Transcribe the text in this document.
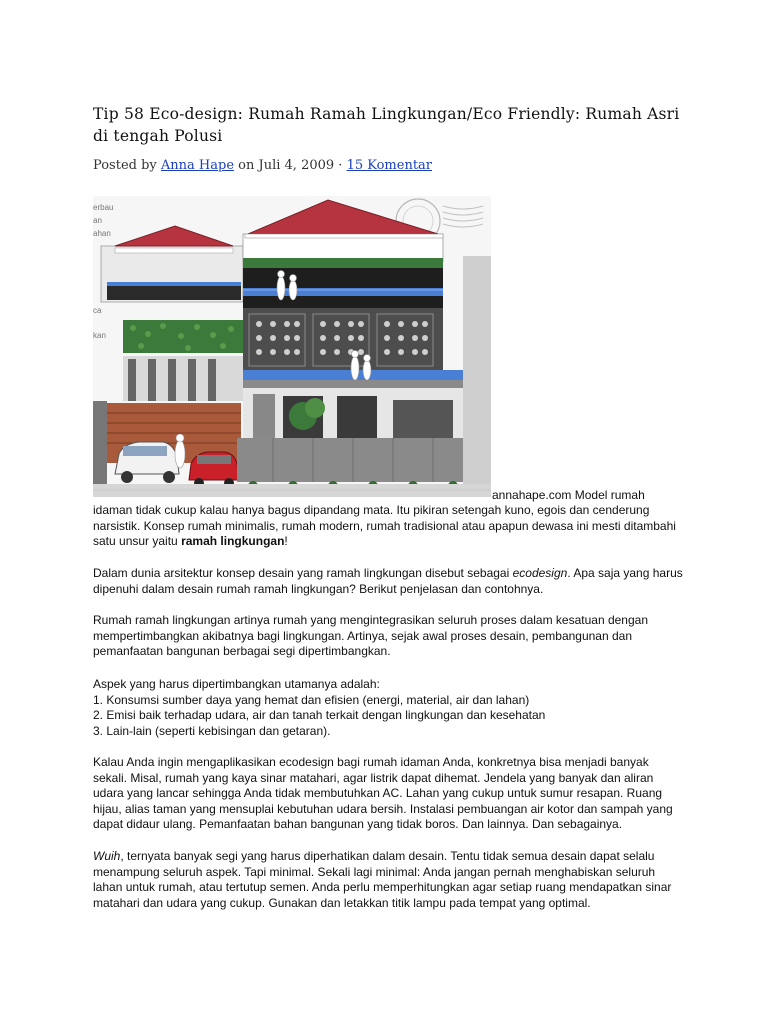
Tip 58 Eco-design: Rumah Ramah Lingkungan/Eco Friendly: Rumah Asri di tengah Polusi
Posted by Anna Hape on Juli 4, 2009 · 15 Komentar
erbau
an
ahan
ca
kan
annahape.com Model rumah

idaman tidak cukup kalau hanya bagus dipandang mata. Itu pikiran setengah kuno, egois dan cenderung narsistik. Konsep rumah minimalis, rumah modern, rumah tradisional atau apapun dewasa ini mesti ditambahi satu unsur yaitu ramah lingkungan!

Dalam dunia arsitektur konsep desain yang ramah lingkungan disebut sebagai ecodesign. Apa saja yang harus dipenuhi dalam desain rumah ramah lingkungan? Berikut penjelasan dan contohnya.

Rumah ramah lingkungan artinya rumah yang mengintegrasikan seluruh proses dalam kesatuan dengan mempertimbangkan akibatnya bagi lingkungan. Artinya, sejak awal proses desain, pembangunan dan pemanfaatan bangunan berbagai segi dipertimbangkan.

Aspek yang harus dipertimbangkan utamanya adalah:

1. Konsumsi sumber daya yang hemat dan efisien (energi, material, air dan lahan)

2. Emisi baik terhadap udara, air dan tanah terkait dengan lingkungan dan kesehatan

3. Lain-lain (seperti kebisingan dan getaran).

Kalau Anda ingin mengaplikasikan ecodesign bagi rumah idaman Anda, konkretnya bisa menjadi banyak sekali. Misal, rumah yang kaya sinar matahari, agar listrik dapat dihemat. Jendela yang banyak dan aliran udara yang lancar sehingga Anda tidak membutuhkan AC. Lahan yang cukup untuk sumur resapan. Ruang hijau, alias taman yang mensuplai kebutuhan udara bersih. Instalasi pembuangan air kotor dan sampah yang dapat didaur ulang. Pemanfaatan bahan bangunan yang tidak boros. Dan lainnya. Dan sebagainya.

Wuih, ternyata banyak segi yang harus diperhatikan dalam desain. Tentu tidak semua desain dapat selalu menampung seluruh aspek. Tapi minimal. Sekali lagi minimal: Anda jangan pernah menghabiskan seluruh lahan untuk rumah, atau tertutup semen. Anda perlu memperhitungkan agar setiap ruang mendapatkan sinar matahari dan udara yang cukup. Gunakan dan letakkan titik lampu pada tempat yang optimal.
